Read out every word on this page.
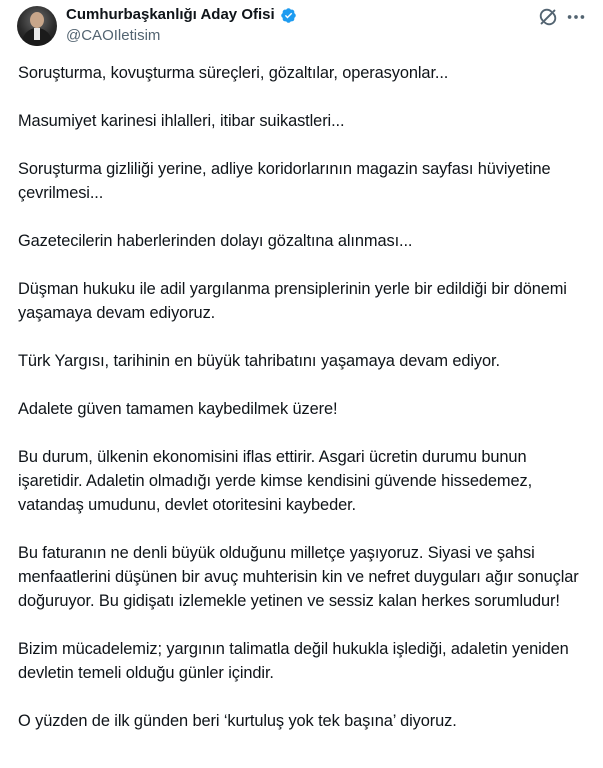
Cumhurbaşkanlığı Aday Ofisi
@CAOIletisim

Soruşturma, kovuşturma süreçleri, gözaltılar, operasyonlar...

Masumiyet karinesi ihlalleri, itibar suikastleri...

Soruşturma gizliliği yerine, adliye koridorlarının magazin sayfası hüviyetine çevrilmesi...

Gazetecilerin haberlerinden dolayı gözaltına alınması...

Düşman hukuku ile adil yargılanma prensiplerinin yerle bir edildiği bir dönemi yaşamaya devam ediyoruz.

Türk Yargısı, tarihinin en büyük tahribatını yaşamaya devam ediyor.

Adalete güven tamamen kaybedilmek üzere!

Bu durum, ülkenin ekonomisini iflas ettirir. Asgari ücretin durumu bunun işaretidir. Adaletin olmadığı yerde kimse kendisini güvende hissedemez, vatandaş umudunu, devlet otoritesini kaybeder.

Bu faturanın ne denli büyük olduğunu milletçe yaşıyoruz. Siyasi ve şahsi menfaatlerini düşünen bir avuç muhterisin kin ve nefret duyguları ağır sonuçlar doğuruyor. Bu gidişatı izlemekle yetinen ve sessiz kalan herkes sorumludur!

Bizim mücadelemiz; yargının talimatla değil hukukla işlediği, adaletin yeniden devletin temeli olduğu günler içindir.

O yüzden de ilk günden beri ‘kurtuluş yok tek başına’ diyoruz.
